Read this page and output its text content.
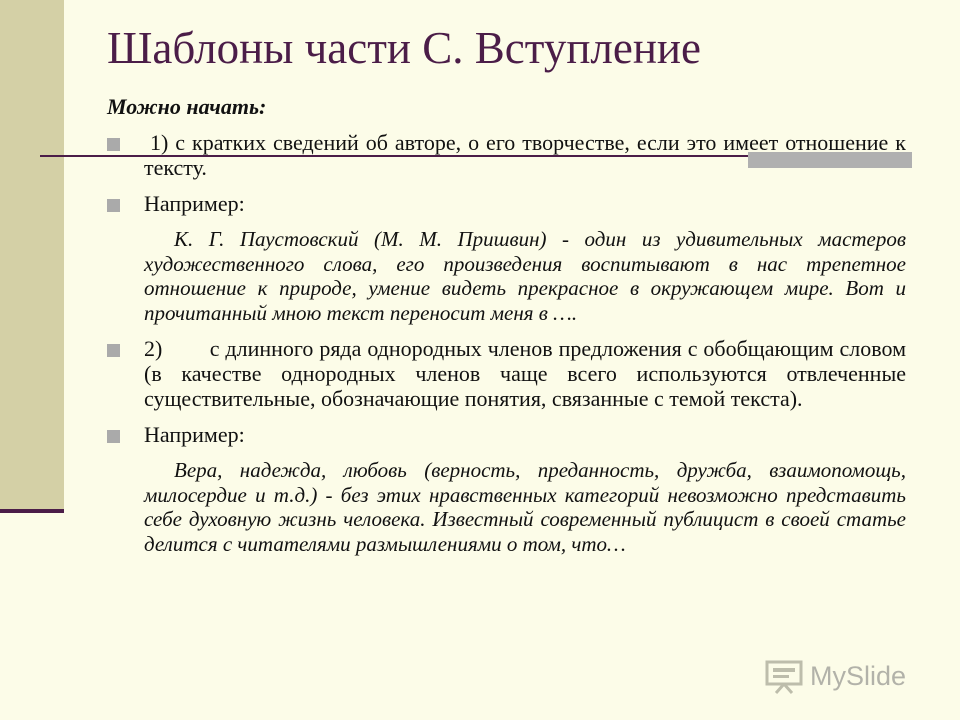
Шаблоны части С. Вступление
Можно начать:
1) с кратких сведений об авторе, о его творчестве, если это имеет отношение к тексту.
Например:
К. Г. Паустовский (М. М. Пришвин) - один из удивительных мастеров художественного слова, его произведения воспитывают в нас трепетное отношение к природе, умение видеть прекрасное в окружающем мире. Вот и прочитанный мною текст переносит меня в ….
2)        с длинного ряда однородных членов предложения с обобщающим словом (в качестве однородных членов чаще всего используются отвлеченные существительные, обозначающие понятия, связанные с темой текста).
Например:
Вера, надежда, любовь (верность, преданность, дружба, взаимопомощь, милосердие и т.д.) - без этих нравственных категорий невозможно представить себе духовную жизнь человека. Известный современный публицист в своей статье делится с читателями размышлениями о том, что…
MySlide
